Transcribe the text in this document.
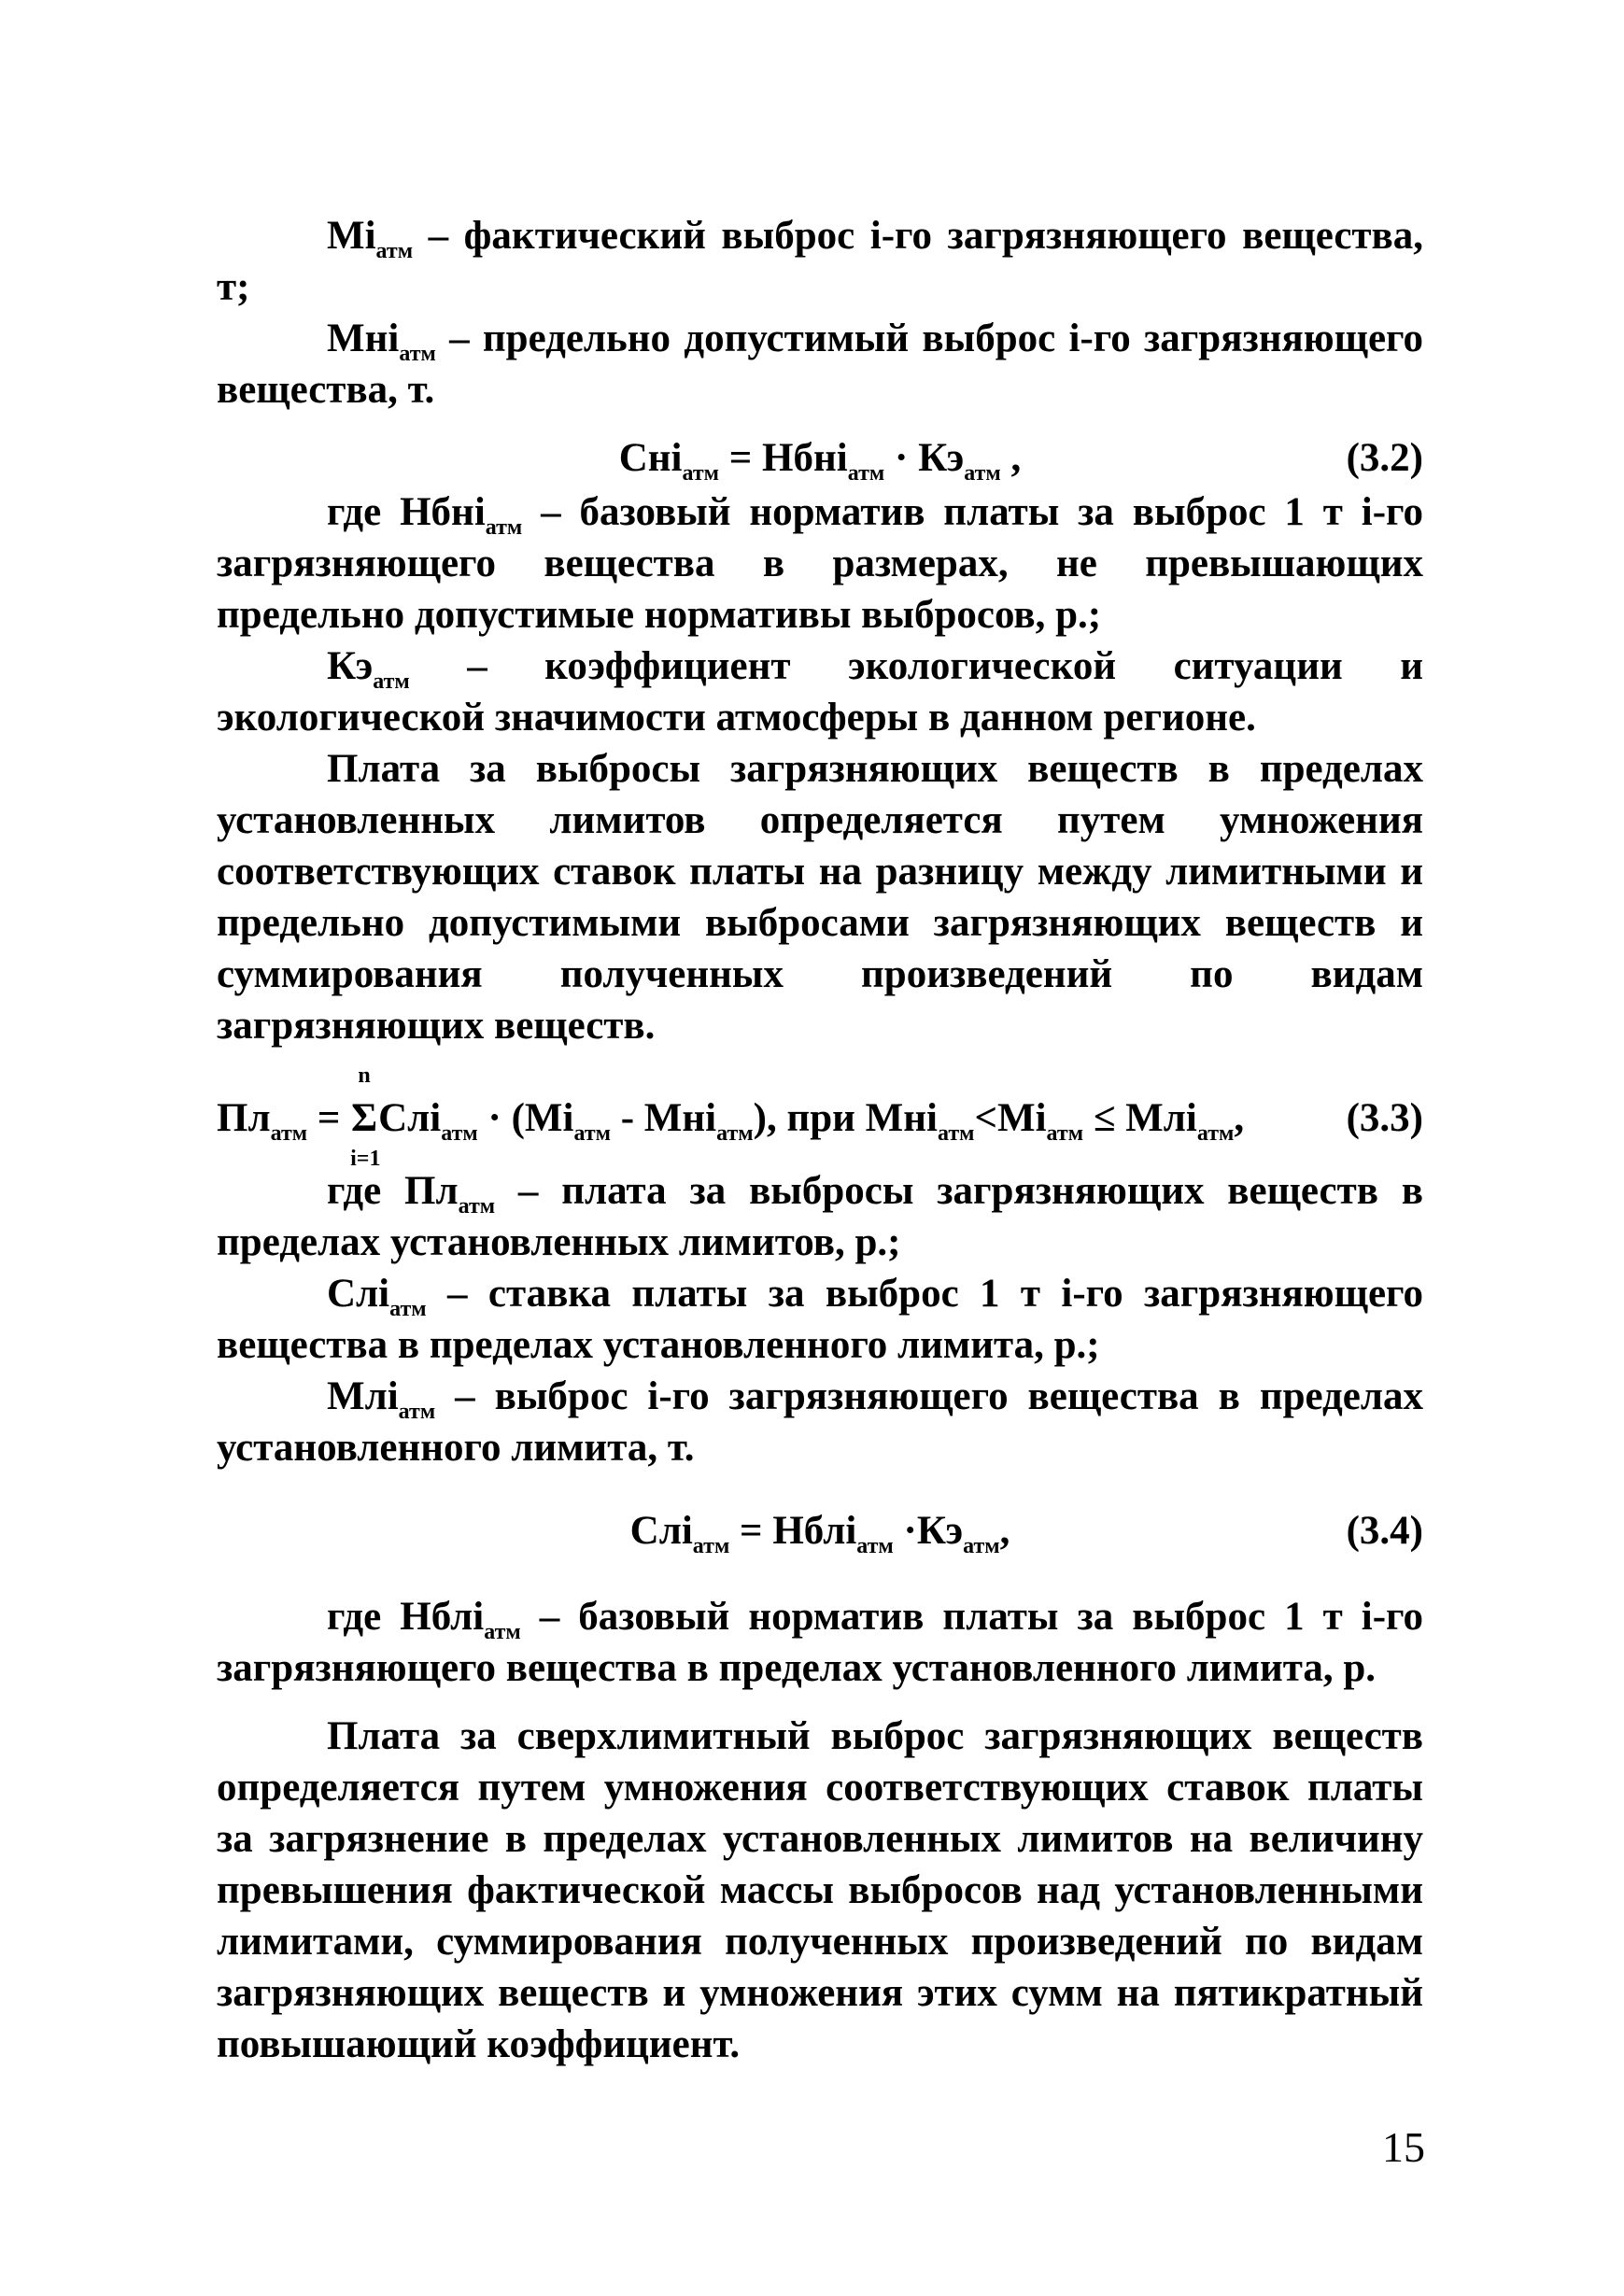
$Mi_{атм}$ – фактический выброс i-го загрязняющего вещества, т;

Мнi$_{атм}$ – предельно допустимый выброс i-го загрязняющего вещества, т.

Снi$_{атм}$ = Нбнi$_{атм}$ · $Кэ_{атм}$ ,	(3.2)

где Нбнi$_{атм}$ – базовый норматив платы за выброс 1 т i-го загрязняющего вещества в размерах, не превышающих предельно допустимые нормативы выбросов, р.;

$Кэ_{атм}$ – коэффициент экологической ситуации и экологической значимости атмосферы в данном регионе.

Плата за выбросы загрязняющих веществ в пределах установленных лимитов определяется путем умножения соответствующих ставок платы на разницу между лимитными и предельно допустимыми выбросами загрязняющих веществ и суммирования полученных произведений по видам загрязняющих веществ.

$Пл_{атм}$ =
n
Σ
i=1
$Слi_{атм} \cdot (Mi_{атм} - Мнi_{атм})$, при $Мнi_{атм}<Mi_{атм} \le Млi_{атм}$,	(3.3)

где $Пл_{атм}$ – плата за выбросы загрязняющих веществ в пределах установленных лимитов, р.;

Слi$_{атм}$ – ставка платы за выброс 1 т i-го загрязняющего вещества в пределах установленного лимита, р.;

Млi$_{атм}$ – выброс i-го загрязняющего вещества в пределах установленного лимита, т.

Слi$_{атм}$ = Нблi$_{атм}$ $\cdot Кэ_{атм}$,	(3.4)

где Нблi$_{атм}$ – базовый норматив платы за выброс 1 т i-го загрязняющего вещества в пределах установленного лимита, р.

Плата за сверхлимитный выброс загрязняющих веществ определяется путем умножения соответствующих ставок платы за загрязнение в пределах установленных лимитов на величину превышения фактической массы выбросов над установленными лимитами, суммирования полученных произведений по видам загрязняющих веществ и умножения этих сумм на пятикратный повышающий коэффициент.

15
